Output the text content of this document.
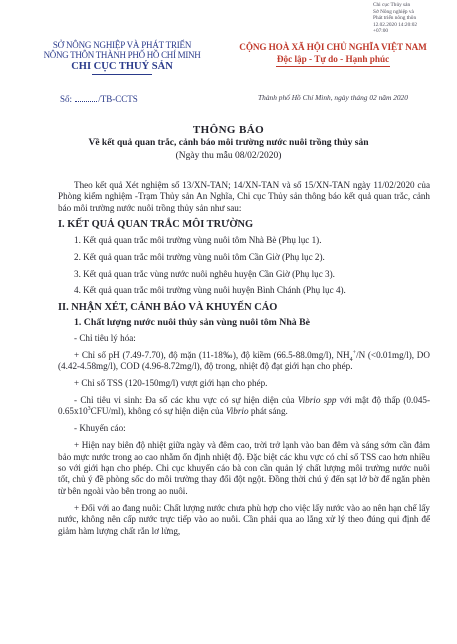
Chi cục Thủy sản
Sở Nông nghiệp và
Phát triển nông thôn
12.02.2020 14:20:02
+07:00
SỞ NÔNG NGHIỆP VÀ PHÁT TRIỂN
NÔNG THÔN THÀNH PHỐ HỒ CHÍ MINH
CHI CỤC THUỶ SẢN
CỘNG HOÀ XÃ HỘI CHỦ NGHĨA VIỆT NAM
Độc lập - Tự do - Hạnh phúc
Số:	/TB-CCTS	Thành phố Hồ Chí Minh, ngày tháng 02 năm 2020
THÔNG BÁO
Về kết quả quan trắc, cảnh báo môi trường nước nuôi trồng thủy sản
(Ngày thu mẫu 08/02/2020)

Theo kết quả Xét nghiệm số 13/XN-TAN; 14/XN-TAN và số 15/XN-TAN ngày 11/02/2020 của Phòng kiểm nghiệm -Trạm Thủy sản An Nghĩa, Chi cục Thủy sản thông báo kết quả quan trắc, cảnh báo môi trường nước nuôi trồng thủy sản như sau:

I. KẾT QUẢ QUAN TRẮC MÔI TRƯỜNG

1. Kết quả quan trắc môi trường vùng nuôi tôm Nhà Bè (Phụ lục 1).

2. Kết quả quan trắc môi trường vùng nuôi tôm Cần Giờ (Phụ lục 2).

3. Kết quả quan trắc vùng nước nuôi nghêu huyện Cần Giờ (Phụ lục 3).

4. Kết quả quan trắc môi trường vùng nuôi huyện Bình Chánh (Phụ lục 4).

II. NHẬN XÉT, CẢNH BÁO VÀ KHUYẾN CÁO

1. Chất lượng nước nuôi thủy sản vùng nuôi tôm Nhà Bè

- Chỉ tiêu lý hóa:

+ Chỉ số pH (7.49-7.70), độ mặn (11-18‰), độ kiềm (66.5-88.0mg/l), $NH_4^+/N$ (<0.01mg/l), DO (4.42-4.58mg/l), COD (4.96-8.72mg/l), độ trong, nhiệt độ đạt giới hạn cho phép.

+ Chỉ số TSS (120-150mg/l) vượt giới hạn cho phép.

- Chỉ tiêu vi sinh: Đa số các khu vực có sự hiện diện của Vibrio spp với mật độ thấp $(0.045-0.65x10^3CFU/ml)$, không có sự hiện diện của Vibrio phát sáng.

- Khuyến cáo:

+ Hiện nay biên độ nhiệt giữa ngày và đêm cao, trời trở lạnh vào ban đêm và sáng sớm cần đảm bảo mực nước trong ao cao nhằm ổn định nhiệt độ. Đặc biệt các khu vực có chỉ số TSS cao hơn nhiều so với giới hạn cho phép. Chi cục khuyến cáo bà con cần quản lý chất lượng môi trường nước nuôi tốt, chủ ý đề phòng sốc do môi trường thay đổi đột ngột. Đồng thời chú ý đến sạt lở bờ để ngăn phèn từ bên ngoài vào bên trong ao nuôi.

+ Đối với ao đang nuôi: Chất lượng nước chưa phù hợp cho việc lấy nước vào ao nên hạn chế lấy nước, không nên cấp nước trực tiếp vào ao nuôi. Cần phải qua ao lắng xử lý theo đúng qui định để giảm hàm lượng chất rắn lơ lửng,
